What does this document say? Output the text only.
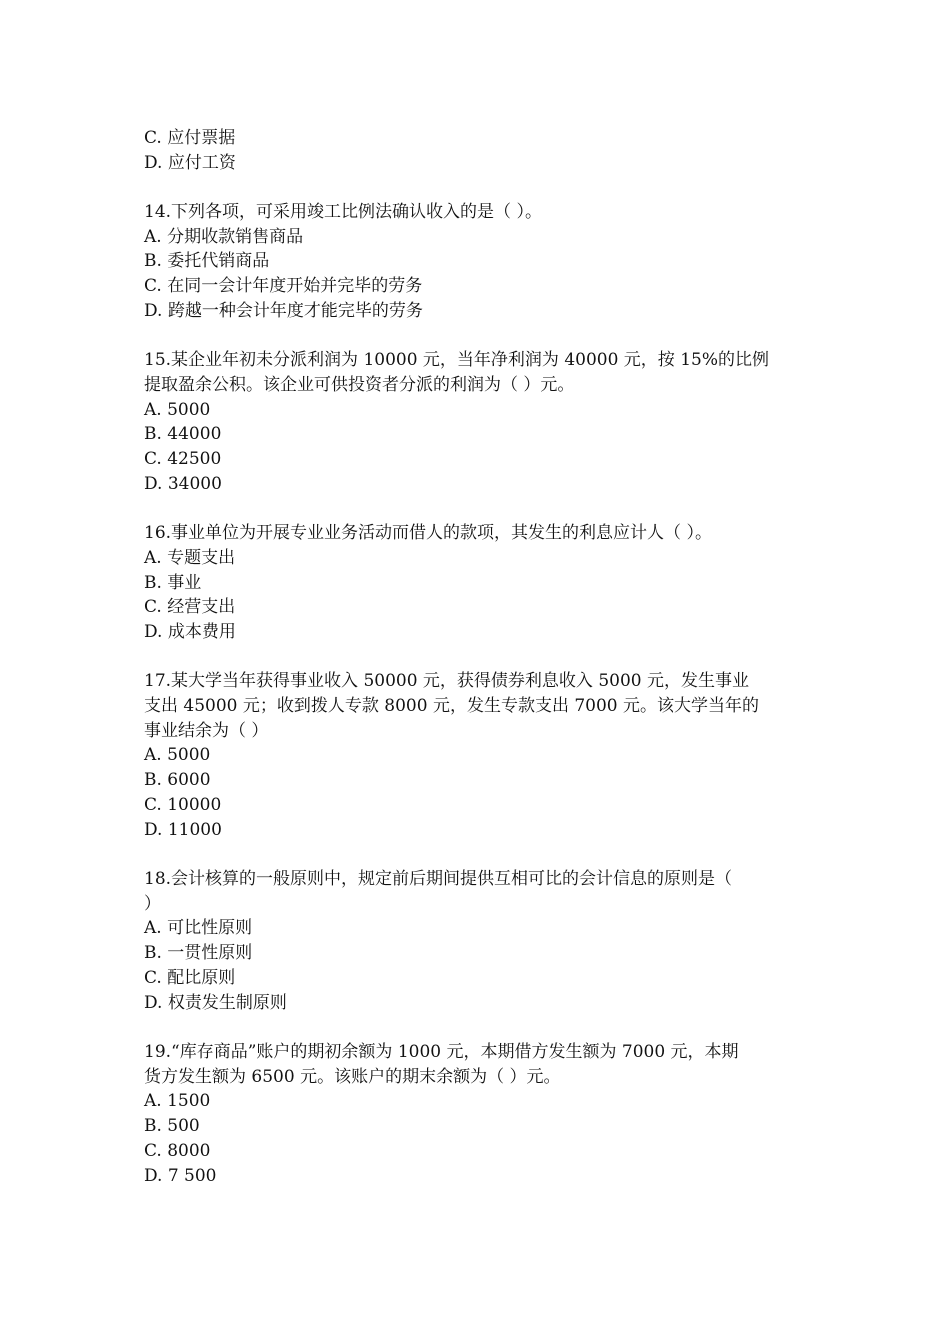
C. 应付票据
D. 应付工资
14.下列各项，可采用竣工比例法确认收入的是（ ）。
A. 分期收款销售商品
B. 委托代销商品
C. 在同一会计年度开始并完毕的劳务
D. 跨越一种会计年度才能完毕的劳务
15.某企业年初未分派利润为 10000 元，当年净利润为 40000 元，按 15%的比例
提取盈余公积。该企业可供投资者分派的利润为（ ）元。
A. 5000
B. 44000
C. 42500
D. 34000
16.事业单位为开展专业业务活动而借人的款项，其发生的利息应计人（ ）。
A. 专题支出
B. 事业
C. 经营支出
D. 成本费用
17.某大学当年获得事业收入 50000 元，获得债券利息收入 5000 元，发生事业
支出 45000 元；收到拨人专款 8000 元，发生专款支出 7000 元。该大学当年的
事业结余为（ ）
A. 5000
B. 6000
C. 10000
D. 11000
18.会计核算的一般原则中，规定前后期间提供互相可比的会计信息的原则是（
）
A. 可比性原则
B. 一贯性原则
C. 配比原则
D. 权责发生制原则
19.“库存商品”账户的期初余额为 1000 元，本期借方发生额为 7000 元，本期
货方发生额为 6500 元。该账户的期末余额为（ ）元。
A. 1500
B. 500
C. 8000
D. 7 500
